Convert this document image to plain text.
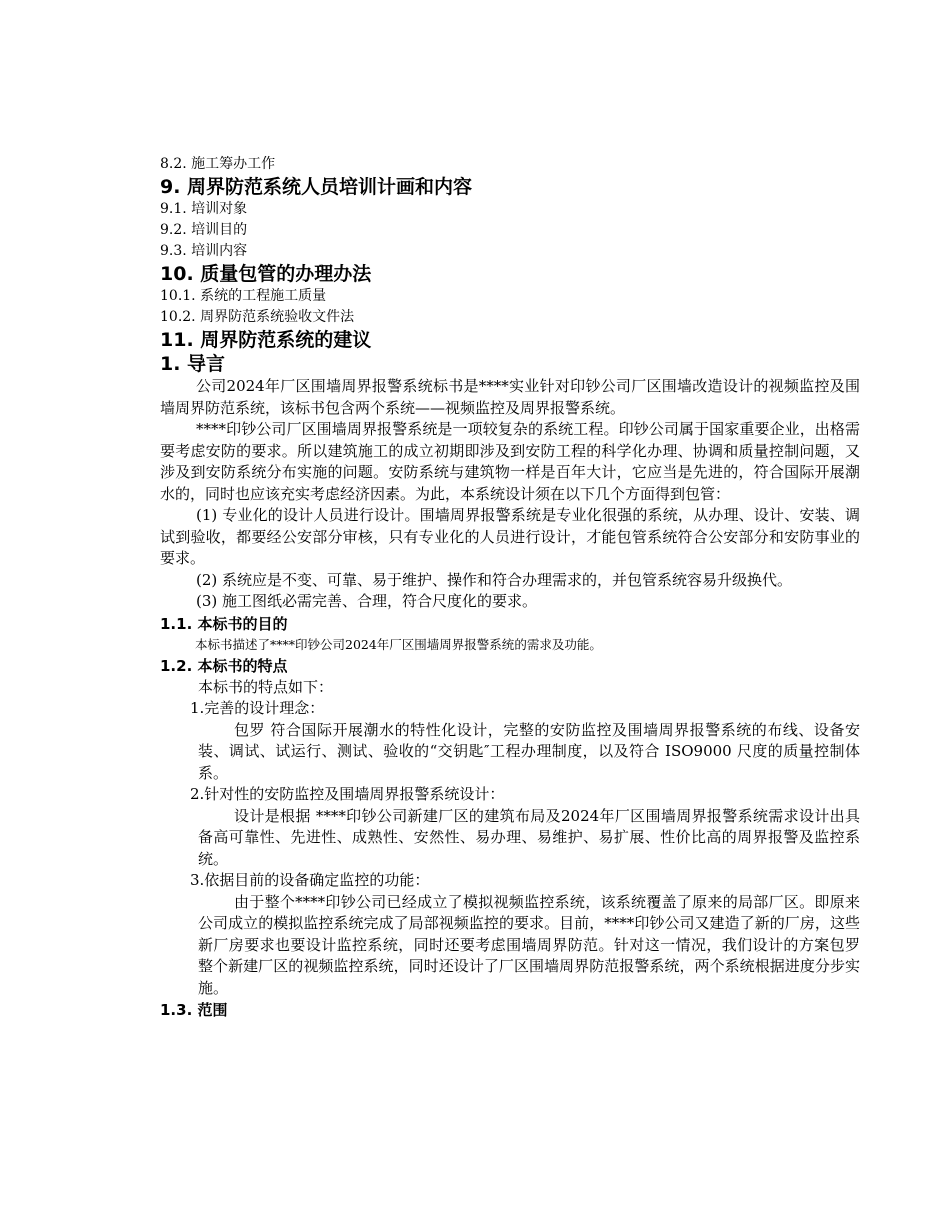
8.2. 施工筹办工作
9. 周界防范系统人员培训计画和内容
9.1. 培训对象
9.2. 培训目的
9.3. 培训内容
10. 质量包管的办理办法
10.1. 系统的工程施工质量
10.2. 周界防范系统验收文件法
11. 周界防范系统的建议
1. 导言
公司2024年厂区围墙周界报警系统标书是****实业针对印钞公司厂区围墙改造设计的视频监控及围墙周界防范系统，该标书包含两个系统——视频监控及周界报警系统。
****印钞公司厂区围墙周界报警系统是一项较复杂的系统工程。印钞公司属于国家重要企业，出格需要考虑安防的要求。所以建筑施工的成立初期即涉及到安防工程的科学化办理、协调和质量控制问题，又涉及到安防系统分布实施的问题。安防系统与建筑物一样是百年大计，它应当是先进的，符合国际开展潮水的，同时也应该充实考虑经济因素。为此，本系统设计须在以下几个方面得到包管：
(1) 专业化的设计人员进行设计。围墙周界报警系统是专业化很强的系统，从办理、设计、安装、调试到验收，都要经公安部分审核，只有专业化的人员进行设计，才能包管系统符合公安部分和安防事业的要求。
(2) 系统应是不变、可靠、易于维护、操作和符合办理需求的，并包管系统容易升级换代。
(3) 施工图纸必需完善、合理，符合尺度化的要求。
1.1. 本标书的目的
本标书描述了****印钞公司2024年厂区围墙周界报警系统的需求及功能。
1.2. 本标书的特点
本标书的特点如下：
1.完善的设计理念：
包罗 符合国际开展潮水的特性化设计，完整的安防监控及围墙周界报警系统的布线、设备安装、调试、试运行、测试、验收的“交钥匙″工程办理制度，以及符合 ISO9000 尺度的质量控制体系。
2.针对性的安防监控及围墙周界报警系统设计：
设计是根据 ****印钞公司新建厂区的建筑布局及2024年厂区围墙周界报警系统需求设计出具备高可靠性、先进性、成熟性、安然性、易办理、易维护、易扩展、性价比高的周界报警及监控系统。
3.依据目前的设备确定监控的功能：
由于整个****印钞公司已经成立了模拟视频监控系统，该系统覆盖了原来的局部厂区。即原来公司成立的模拟监控系统完成了局部视频监控的要求。目前，****印钞公司又建造了新的厂房，这些新厂房要求也要设计监控系统，同时还要考虑围墙周界防范。针对这一情况，我们设计的方案包罗 整个新建厂区的视频监控系统，同时还设计了厂区围墙周界防范报警系统，两个系统根据进度分步实施。
1.3. 范围
